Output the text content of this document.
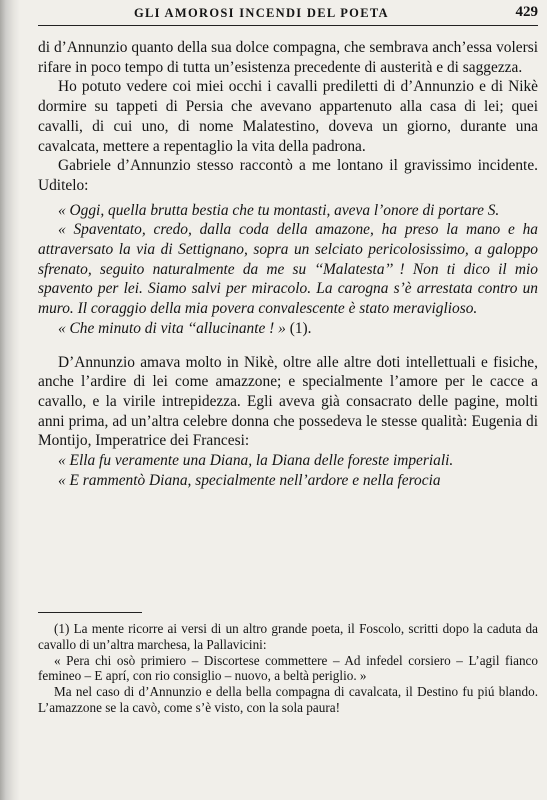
GLI AMOROSI INCENDI DEL POETA	429

di d’Annunzio quanto della sua dolce compagna, che sembrava anch’essa volersi rifare in poco tempo di tutta un’esistenza precedente di austerità e di saggezza.

Ho potuto vedere coi miei occhi i cavalli prediletti di d’Annunzio e di Nikè dormire su tappeti di Persia che avevano appartenuto alla casa di lei; quei cavalli, di cui uno, di nome Malatestino, doveva un giorno, durante una cavalcata, mettere a repentaglio la vita della padrona.

Gabriele d’Annunzio stesso raccontò a me lontano il gravissimo incidente. Uditelo:

« Oggi, quella brutta bestia che tu montasti, aveva l’onore di portare S.

« Spaventato, credo, dalla coda della amazone, ha preso la mano e ha attraversato la via di Settignano, sopra un selciato pericolosissimo, a galoppo sfrenato, seguito naturalmente da me su ‘‘Malatesta’’ ! Non ti dico il mio spavento per lei. Siamo salvi per miracolo. La carogna s’è arrestata contro un muro. Il coraggio della mia povera convalescente è stato meraviglioso.

« Che minuto di vita ‘‘allucinante ! » (1).

D’Annunzio amava molto in Nikè, oltre alle altre doti intellettuali e fisiche, anche l’ardire di lei come amazzone; e specialmente l’amore per le cacce a cavallo, e la virile intrepidezza. Egli aveva già consacrato delle pagine, molti anni prima, ad un’altra celebre donna che possedeva le stesse qualità: Eugenia di Montijo, Imperatrice dei Francesi:

« Ella fu veramente una Diana, la Diana delle foreste imperiali.

« E rammentò Diana, specialmente nell’ardore e nella ferocia

(1) La mente ricorre ai versi di un altro grande poeta, il Foscolo, scritti dopo la caduta da cavallo di un’altra marchesa, la Pallavicini:

« Pera chi osò primiero – Discortese commettere – Ad infedel corsiero – L’agil fianco femineo – E aprí, con rio consiglio – nuovo, a beltà periglio. »

Ma nel caso di d’Annunzio e della bella compagna di cavalcata, il Destino fu piú blando. L’amazzone se la cavò, come s’è visto, con la sola paura!
